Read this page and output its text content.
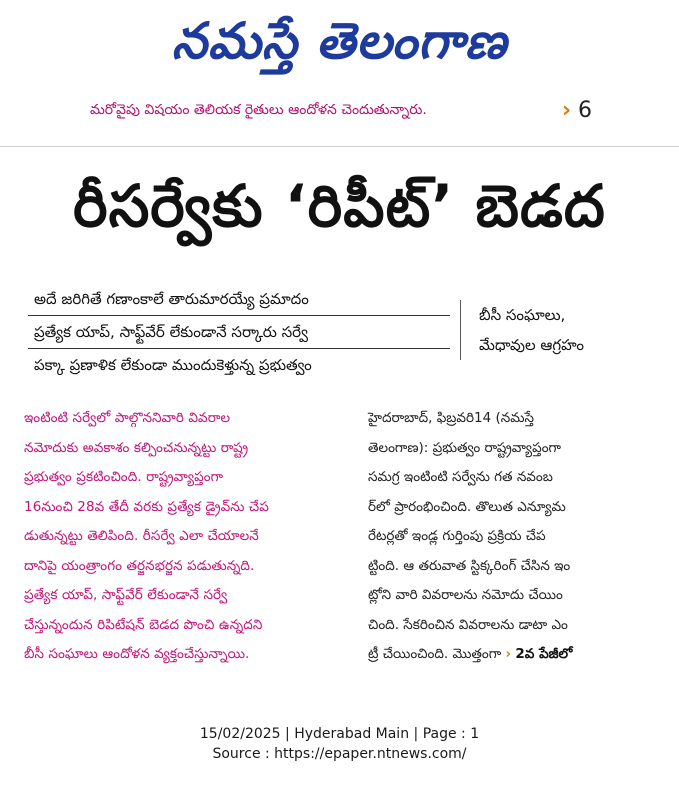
నమస్తే తెలంగాణ
మరోవైపు విషయం తెలియక రైతులు ఆందోళన చెందుతున్నారు.	› 6
రీసర్వేకు ‘రిపీట్’ బెడద
అదే జరిగితే గణాంకాలే తారుమారయ్యే ప్రమాదం
ప్రత్యేక యాప్, సాఫ్ట్‌వేర్ లేకుండానే సర్కారు సర్వే
పక్కా ప్రణాళిక లేకుండా ముందుకెళ్తున్న ప్రభుత్వం
బీసీ సంఘాలు,
మేధావుల ఆగ్రహం
ఇంటింటి సర్వేలో పాల్గొననివారి వివరాల
నమోదుకు అవకాశం కల్పించనున్నట్టు రాష్ట్ర
ప్రభుత్వం ప్రకటించింది. రాష్ట్రవ్యాప్తంగా
16నుంచి 28వ తేదీ వరకు ప్రత్యేక డ్రైవ్‌ను చేప
డుతున్నట్టు తెలిపింది. రీసర్వే ఎలా చేయాలనే
దానిపై యంత్రాంగం తర్జనభర్జన పడుతున్నది.
ప్రత్యేక యాప్, సాఫ్ట్‌వేర్ లేకుండానే సర్వే
చేస్తున్నందున రిపిటేషన్ బెడద పొంచి ఉన్నదని
బీసీ సంఘాలు ఆందోళన వ్యక్తంచేస్తున్నాయి.
హైదరాబాద్, ఫిబ్రవరి14 (నమస్తే
తెలంగాణ): ప్రభుత్వం రాష్ట్రవ్యాప్తంగా
సమగ్ర ఇంటింటి సర్వేను గత నవంబ
ర్‌లో ప్రారంభించింది. తొలుత ఎన్యూమ
రేటర్లతో ఇండ్ల గుర్తింపు ప్రక్రియ చేప
ట్టింది. ఆ తరువాత స్టిక్కరింగ్ చేసిన ఇం
ట్లోని వారి వివరాలను నమోదు చేయిం
చింది. సేకరించిన వివరాలను డాటా ఎం
ట్రీ చేయించింది. మొత్తంగా › 2వ పేజీలో
15/02/2025 | Hyderabad Main | Page : 1
Source : https://epaper.ntnews.com/
